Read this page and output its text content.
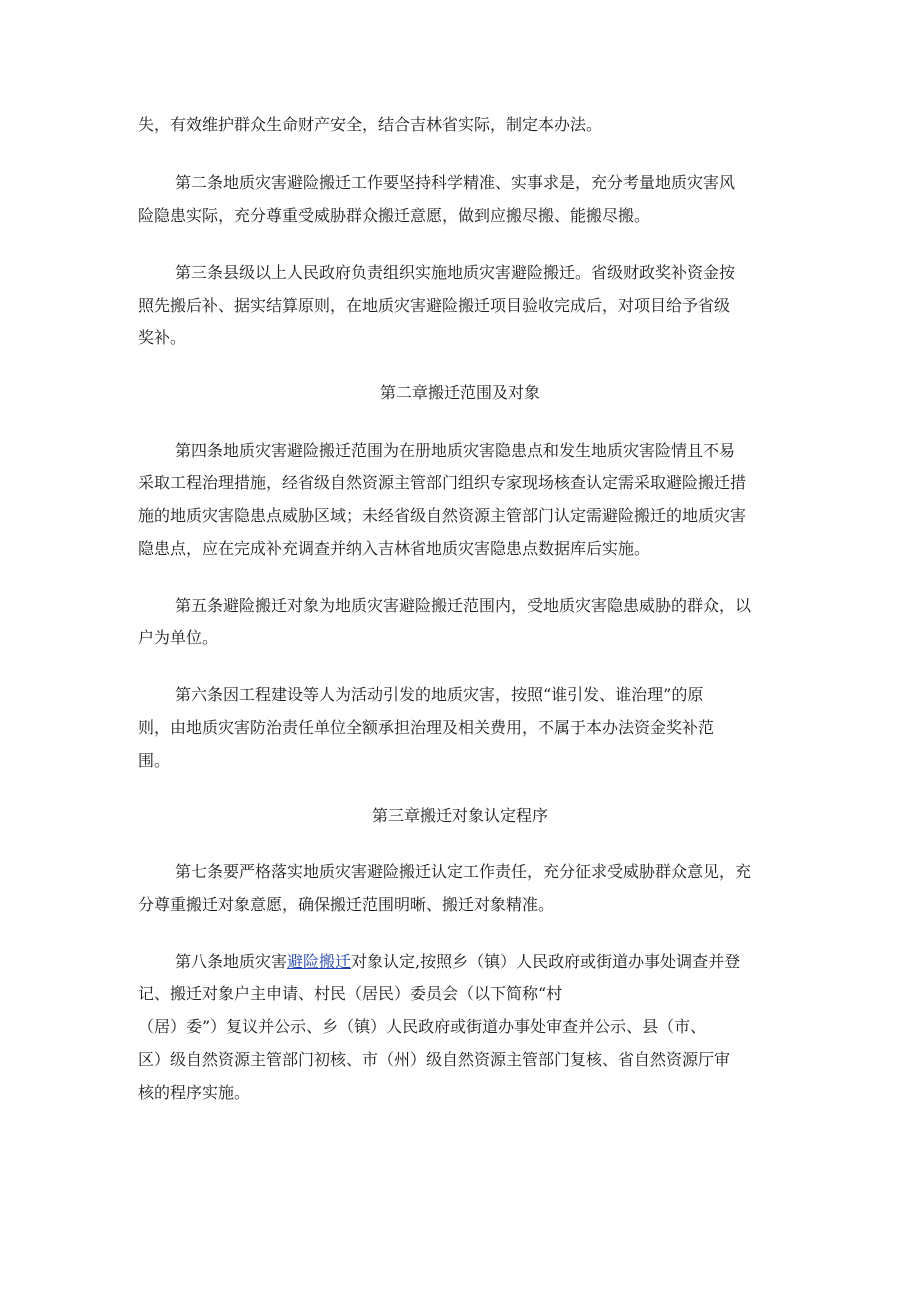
失，有效维护群众生命财产安全，结合吉林省实际，制定本办法。
第二条地质灾害避险搬迁工作要坚持科学精准、实事求是，充分考量地质灾害风
险隐患实际，充分尊重受威胁群众搬迁意愿，做到应搬尽搬、能搬尽搬。
第三条县级以上人民政府负责组织实施地质灾害避险搬迁。省级财政奖补资金按
照先搬后补、据实结算原则，在地质灾害避险搬迁项目验收完成后，对项目给予省级
奖补。
第二章搬迁范围及对象
第四条地质灾害避险搬迁范围为在册地质灾害隐患点和发生地质灾害险情且不易
采取工程治理措施，经省级自然资源主管部门组织专家现场核查认定需采取避险搬迁措
施的地质灾害隐患点威胁区域；未经省级自然资源主管部门认定需避险搬迁的地质灾害
隐患点，应在完成补充调查并纳入吉林省地质灾害隐患点数据库后实施。
第五条避险搬迁对象为地质灾害避险搬迁范围内，受地质灾害隐患威胁的群众，以
户为单位。
第六条因工程建设等人为活动引发的地质灾害，按照“谁引发、谁治理”的原
则，由地质灾害防治责任单位全额承担治理及相关费用，不属于本办法资金奖补范
围。
第三章搬迁对象认定程序
第七条要严格落实地质灾害避险搬迁认定工作责任，充分征求受威胁群众意见，充
分尊重搬迁对象意愿，确保搬迁范围明晰、搬迁对象精准。
第八条地质灾害避险搬迁对象认定,按照乡（镇）人民政府或街道办事处调查并登
记、搬迁对象户主申请、村民（居民）委员会（以下简称“村
（居）委”）复议并公示、乡（镇）人民政府或街道办事处审查并公示、县（市、
区）级自然资源主管部门初核、市（州）级自然资源主管部门复核、省自然资源厅审
核的程序实施。
